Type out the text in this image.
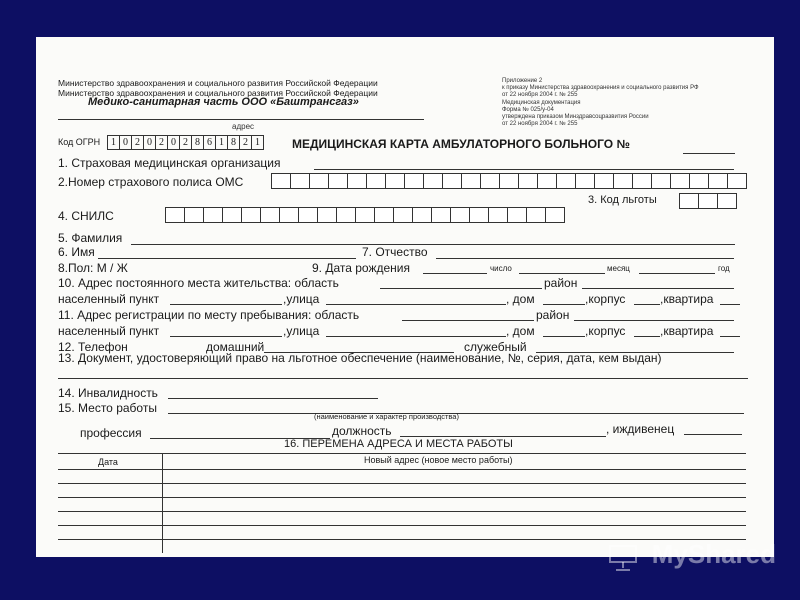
Министерство здравоохранения и социального развития Российской Федерации
Министерство здравоохранения и социального развития Российской Федерации
Медико-санитарная часть ООО «Баштрансгаз»
адрес
Приложение 2
к приказу Министерства здравоохранения и социального развития РФ
от 22 ноября 2004 г. № 255
Медицинская документация
Форма № 025/у-04
утверждена приказом Минздравсоцразвития России
от 22 ноября 2004 г. № 255
Код ОГРН	1 0 2 0 2 0 2 8 6 1 8 2 1	МЕДИЦИНСКАЯ КАРТА АМБУЛАТОРНОГО БОЛЬНОГО №
1. Страховая медицинская организация
2.Номер страхового полиса ОМС
3. Код льготы
4. СНИЛС
5. Фамилия
6. Имя	7. Отчество
8.Пол: М / Ж	9. Дата рождения	число	месяц	год
10. Адрес постоянного места жительства: область	район
населенный пункт	,улица	, дом	,корпус	,квартира
11. Адрес регистрации по месту пребывания: область	район
населенный пункт	,улица	, дом	,корпус	,квартира
12. Телефон	домашний	служебный
13. Документ, удостоверяющий право на льготное обеспечение (наименование, №, серия, дата, кем выдан)
14. Инвалидность
15. Место работы
(наименование и характер производства)
профессия	должность	, иждивенец
16. ПЕРЕМЕНА АДРЕСА И МЕСТА РАБОТЫ
Дата	Новый адрес (новое место работы)
MyShared
